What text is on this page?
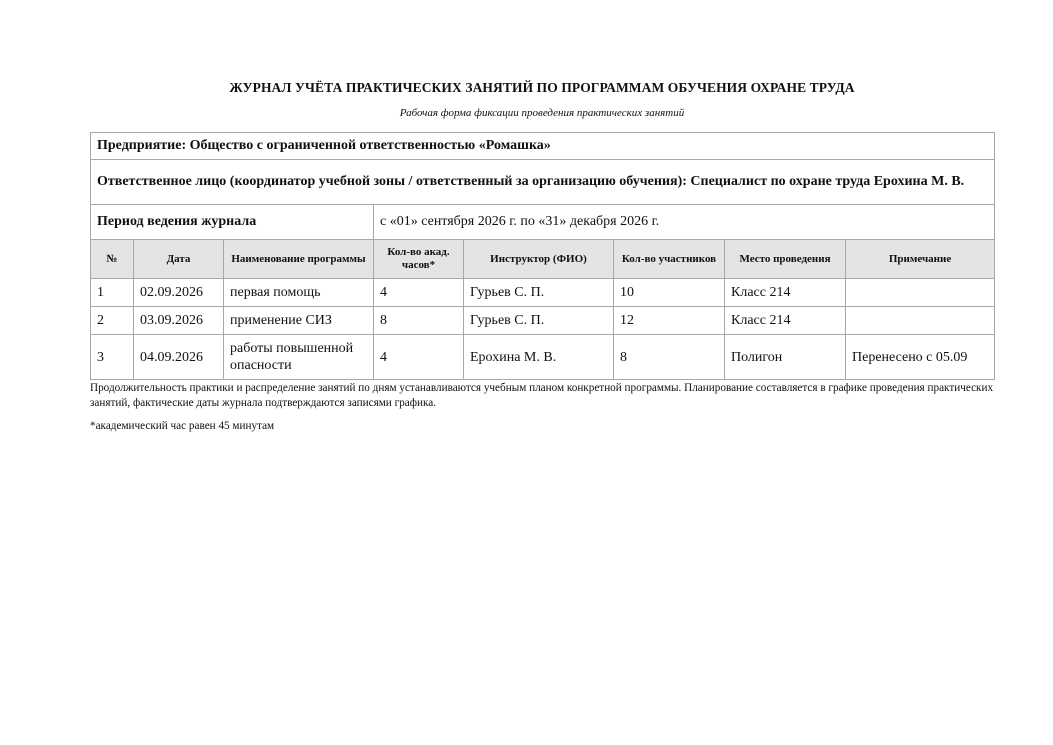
ЖУРНАЛ УЧЁТА ПРАКТИЧЕСКИХ ЗАНЯТИЙ ПО ПРОГРАММАМ ОБУЧЕНИЯ ОХРАНЕ ТРУДА
Рабочая форма фиксации проведения практических занятий
Предприятие: Общество с ограниченной ответственностью «Ромашка»							
Ответственное лицо (координатор учебной зоны / ответственный за организацию обучения): Специалист по охране труда Ерохина М. В.							
Период ведения журнала			с «01» сентября 2026 г. по «31» декабря 2026 г.				
№	Дата	Наименование программы	Кол-во акад. часов*	Инструктор (ФИО)	Кол-во участников	Место проведения	Примечание
1	02.09.2026	первая помощь	4	Гурьев С. П.	10	Класс 214	
2	03.09.2026	применение СИЗ	8	Гурьев С. П.	12	Класс 214	
3	04.09.2026	работы повышенной опасности	4	Ерохина М. В.	8	Полигон	Перенесено с 05.09
Продолжительность практики и распределение занятий по дням устанавливаются учебным планом конкретной программы. Планирование составляется в графике проведения практических занятий, фактические даты журнала подтверждаются записями графика.
*академический час равен 45 минутам
